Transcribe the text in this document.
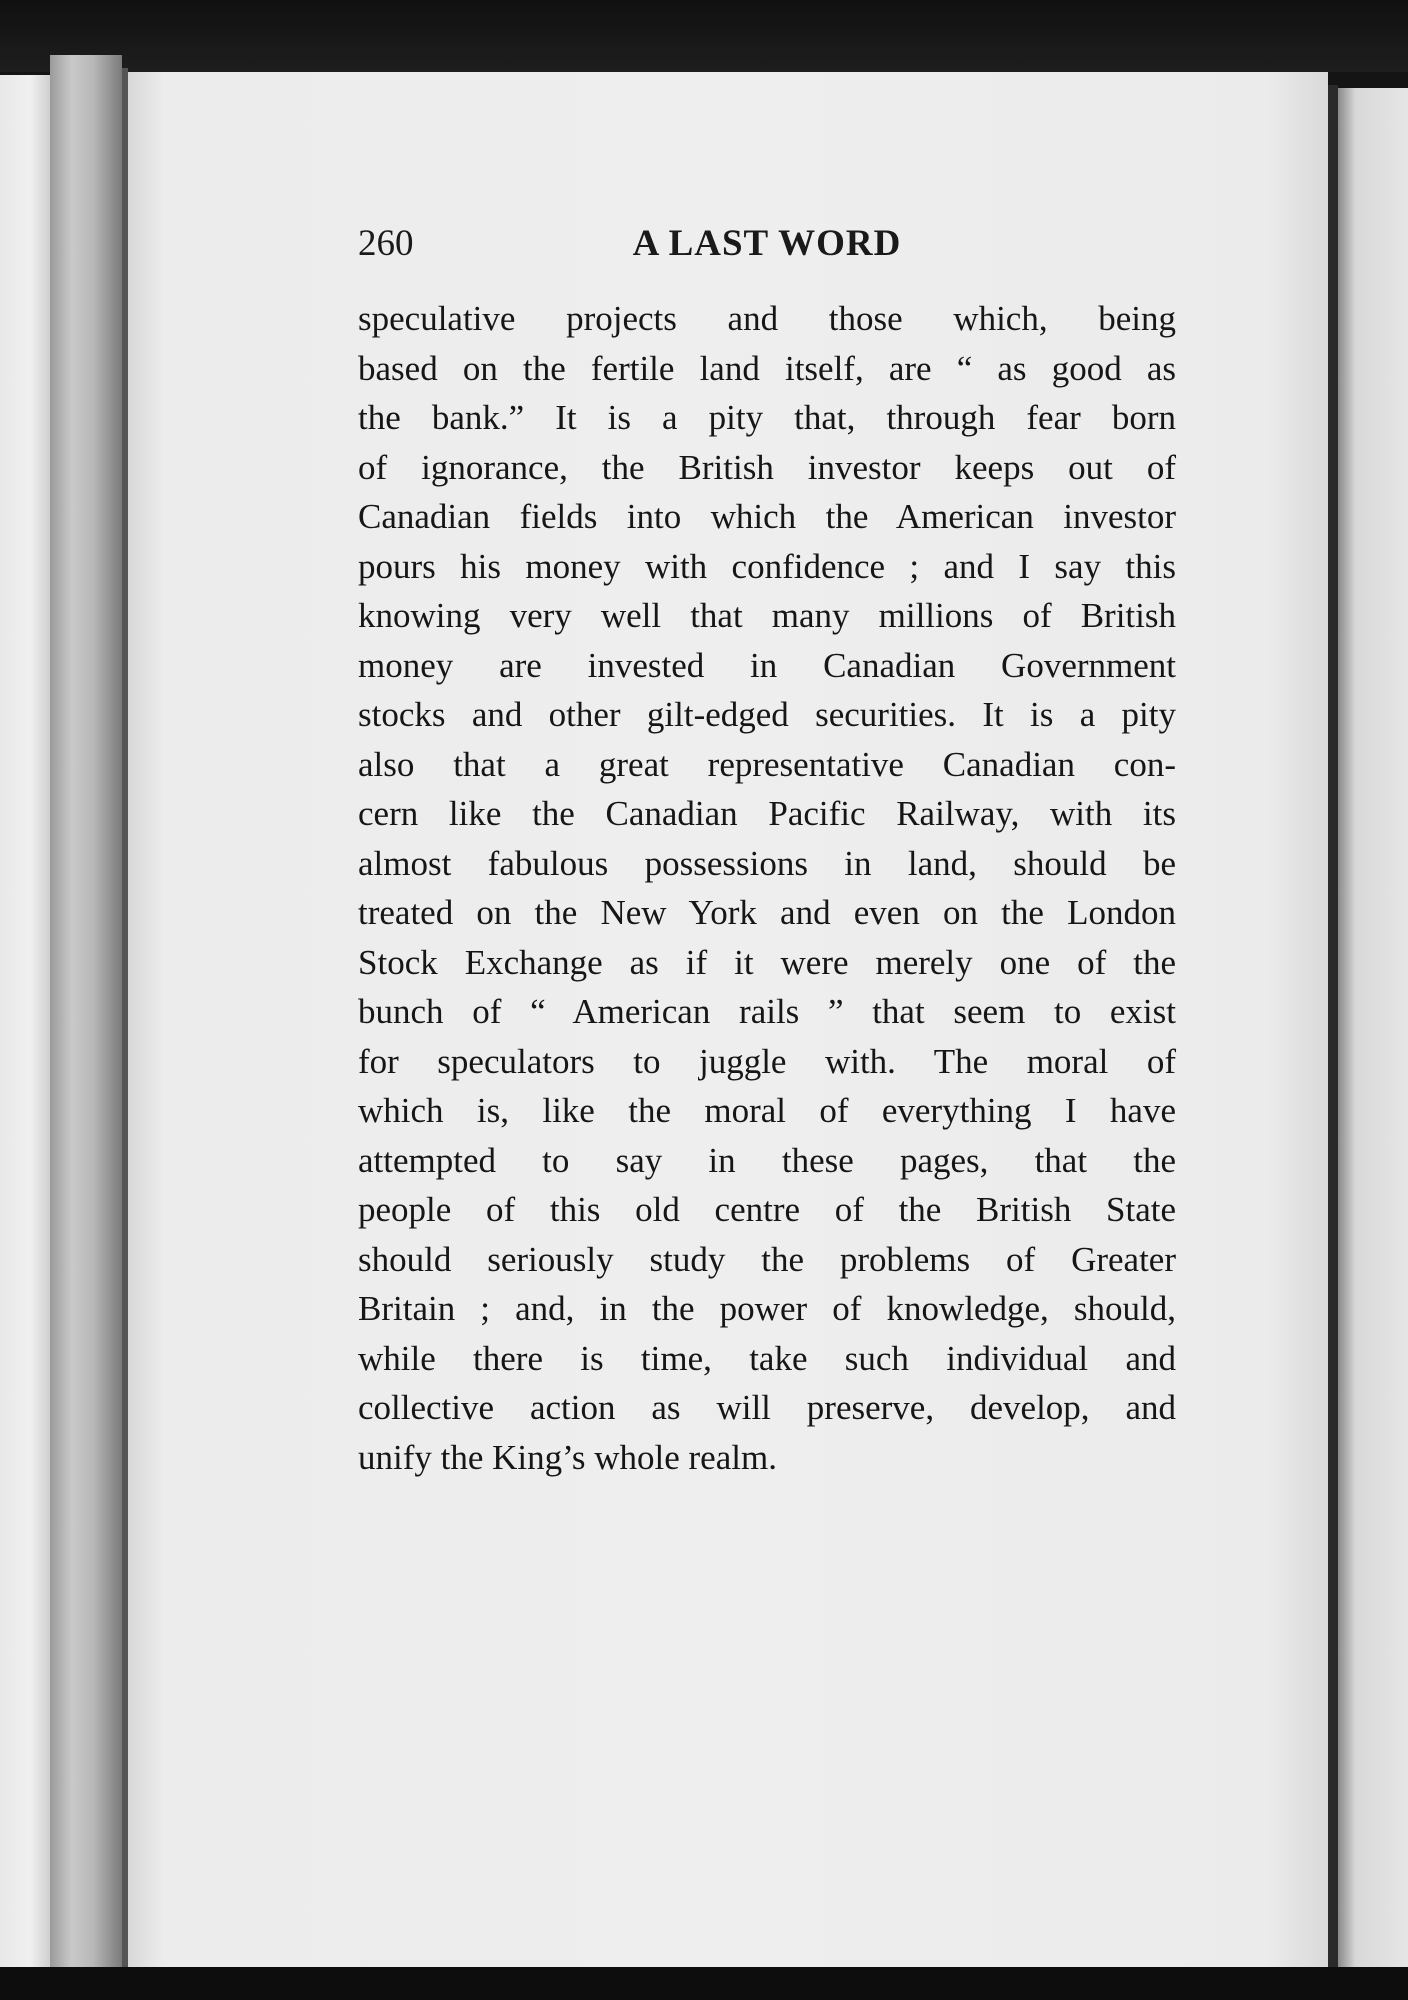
260	A LAST WORD
speculative projects and those which, being
based on the fertile land itself, are “ as good as
the bank.” It is a pity that, through fear born
of ignorance, the British investor keeps out of
Canadian fields into which the American investor
pours his money with confidence ; and I say this
knowing very well that many millions of British
money are invested in Canadian Government
stocks and other gilt-edged securities. It is a pity
also that a great representative Canadian con-
cern like the Canadian Pacific Railway, with its
almost fabulous possessions in land, should be
treated on the New York and even on the London
Stock Exchange as if it were merely one of the
bunch of “ American rails ” that seem to exist
for speculators to juggle with. The moral of
which is, like the moral of everything I have
attempted to say in these pages, that the
people of this old centre of the British State
should seriously study the problems of Greater
Britain ; and, in the power of knowledge, should,
while there is time, take such individual and
collective action as will preserve, develop, and
unify the King’s whole realm.
